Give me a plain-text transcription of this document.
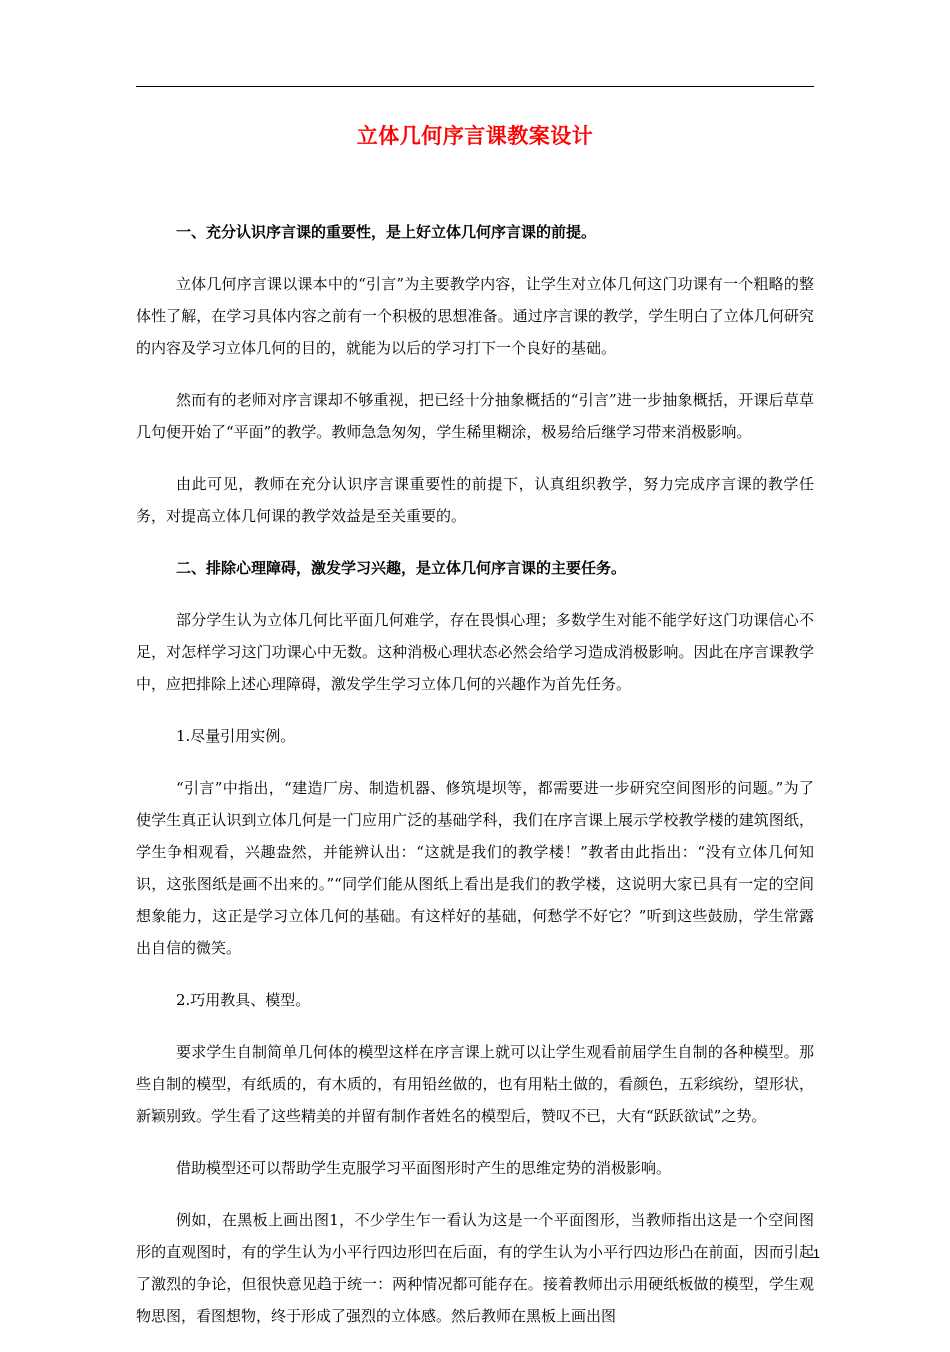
立体几何序言课教案设计

一、充分认识序言课的重要性，是上好立体几何序言课的前提。

立体几何序言课以课本中的“引言”为主要教学内容，让学生对立体几何这门功课有一个粗略的整体性了解，在学习具体内容之前有一个积极的思想准备。通过序言课的教学，学生明白了立体几何研究的内容及学习立体几何的目的，就能为以后的学习打下一个良好的基础。

然而有的老师对序言课却不够重视，把已经十分抽象概括的“引言”进一步抽象概括，开课后草草几句便开始了“平面”的教学。教师急急匆匆，学生稀里糊涂，极易给后继学习带来消极影响。

由此可见，教师在充分认识序言课重要性的前提下，认真组织教学，努力完成序言课的教学任务，对提高立体几何课的教学效益是至关重要的。

二、排除心理障碍，激发学习兴趣，是立体几何序言课的主要任务。

部分学生认为立体几何比平面几何难学，存在畏惧心理；多数学生对能不能学好这门功课信心不足，对怎样学习这门功课心中无数。这种消极心理状态必然会给学习造成消极影响。因此在序言课教学中，应把排除上述心理障碍，激发学生学习立体几何的兴趣作为首先任务。

1.尽量引用实例。

“引言”中指出，“建造厂房、制造机器、修筑堤坝等，都需要进一步研究空间图形的问题。”为了使学生真正认识到立体几何是一门应用广泛的基础学科，我们在序言课上展示学校教学楼的建筑图纸，学生争相观看，兴趣盎然，并能辨认出：“这就是我们的教学楼！”教者由此指出：“没有立体几何知识，这张图纸是画不出来的。”“同学们能从图纸上看出是我们的教学楼，这说明大家已具有一定的空间想象能力，这正是学习立体几何的基础。有这样好的基础，何愁学不好它？”听到这些鼓励，学生常露出自信的微笑。

2.巧用教具、模型。

要求学生自制简单几何体的模型这样在序言课上就可以让学生观看前届学生自制的各种模型。那些自制的模型，有纸质的，有木质的，有用铅丝做的，也有用粘土做的，看颜色，五彩缤纷，望形状，新颖别致。学生看了这些精美的并留有制作者姓名的模型后，赞叹不已，大有“跃跃欲试”之势。

借助模型还可以帮助学生克服学习平面图形时产生的思维定势的消极影响。

例如，在黑板上画出图1，不少学生乍一看认为这是一个平面图形，当教师指出这是一个空间图形的直观图时，有的学生认为小平行四边形凹在后面，有的学生认为小平行四边形凸在前面，因而引起了激烈的争论，但很快意见趋于统一：两种情况都可能存在。接着教师出示用硬纸板做的模型，学生观物思图，看图想物，终于形成了强烈的立体感。然后教师在黑板上画出图

1
